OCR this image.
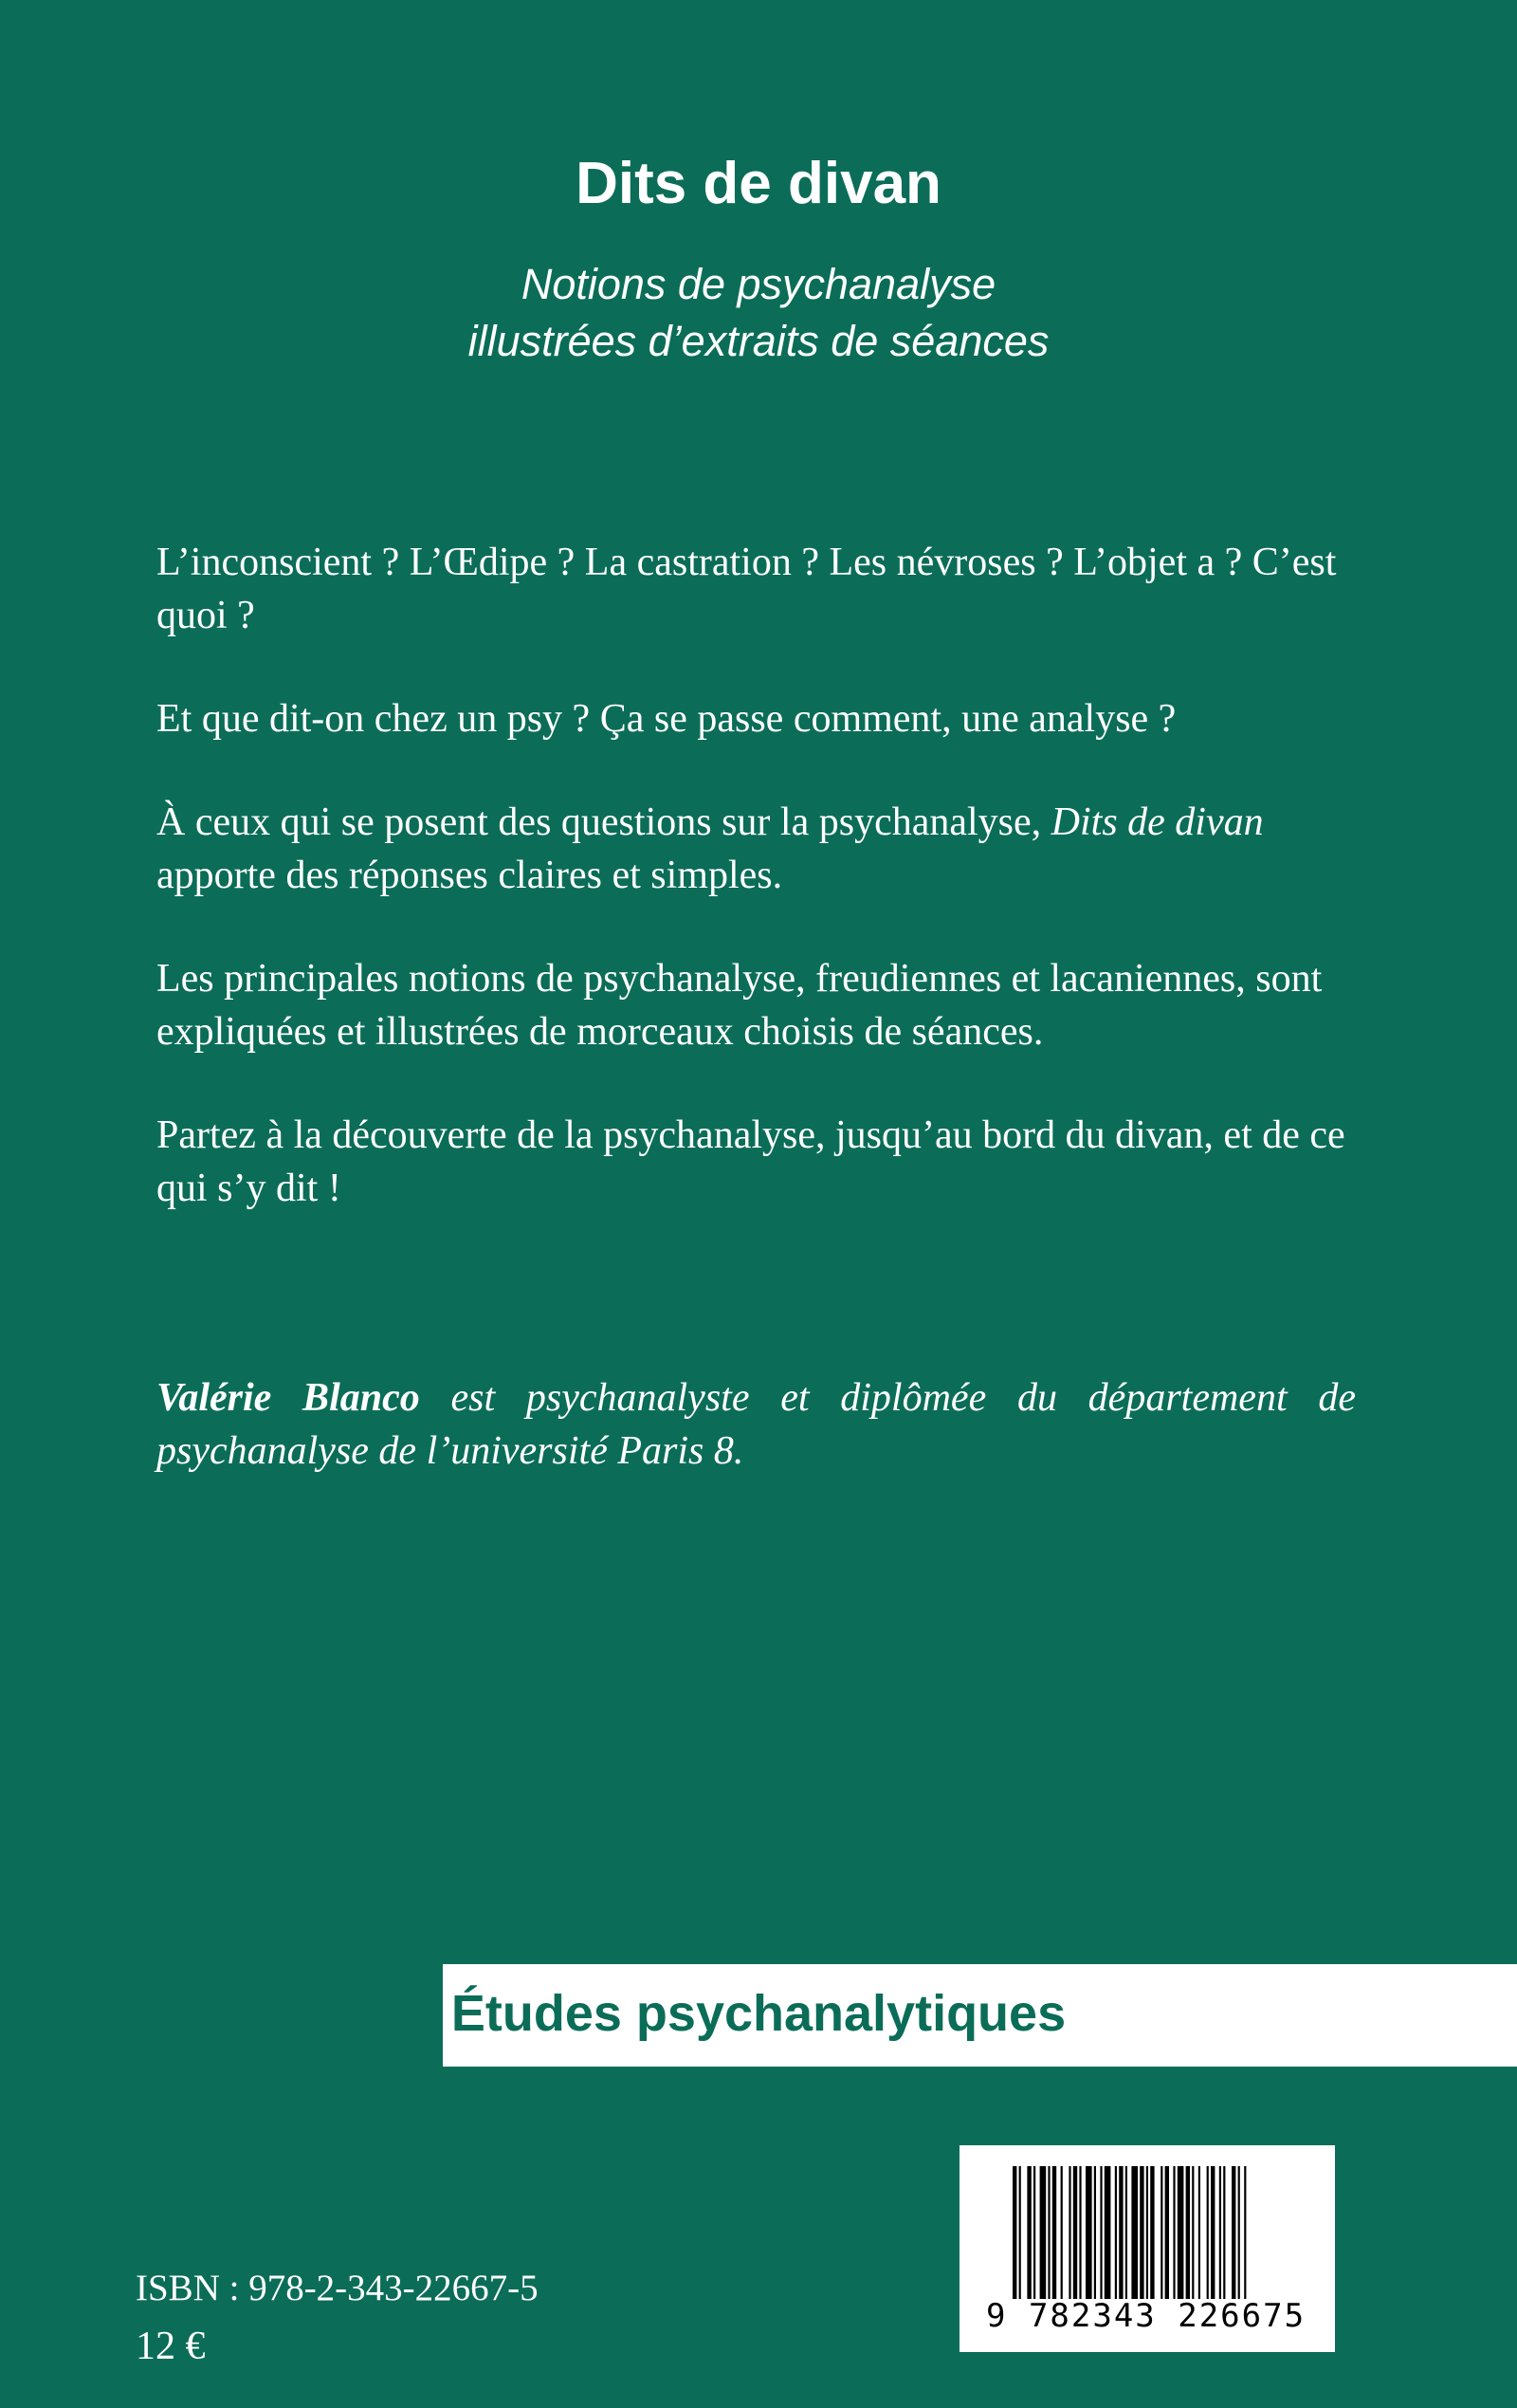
Dits de divan
Notions de psychanalyse
illustrées d’extraits de séances

L’inconscient ? L’Œdipe ? La castration ? Les névroses ? L’objet a ? C’est quoi ?

Et que dit-on chez un psy ? Ça se passe comment, une analyse ?

À ceux qui se posent des questions sur la psychanalyse, Dits de divan apporte des réponses claires et simples.

Les principales notions de psychanalyse, freudiennes et lacaniennes, sont expliquées et illustrées de morceaux choisis de séances.

Partez à la découverte de la psychanalyse, jusqu’au bord du divan, et de ce qui s’y dit !

Valérie Blanco est psychanalyste et diplômée du département de psychanalyse de l’université Paris 8.
Études psychanalytiques
9 782343 226675
ISBN : 978-2-343-22667-5
12 €
